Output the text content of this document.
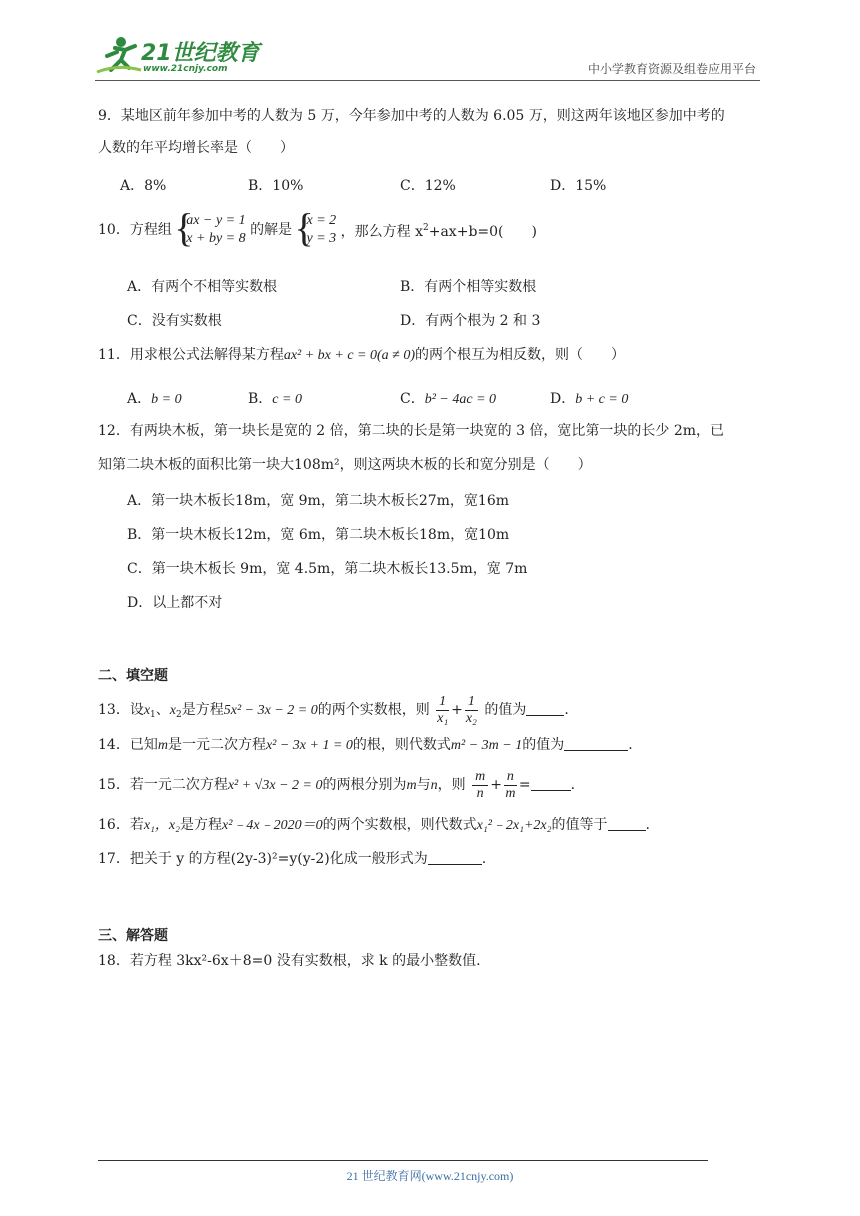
21世纪教育
www.21cnjy.com	中小学教育资源及组卷应用平台
9．某地区前年参加中考的人数为 5 万，今年参加中考的人数为 6.05 万，则这两年该地区参加中考的
人数的年平均增长率是（　　）
A．8%	B．10%	C．12%	D．15%
10．方程组
{ ax − y = 1
x + by = 8
的解是
{ x = 2
y = 3 ，那么方程 $x^2+ax+b=0$(　　)
A．有两个不相等实数根	B．有两个相等实数根
C．没有实数根	D．有两个根为 2 和 3
11．用求根公式法解得某方程ax² + bx + c = 0(a ≠ 0)的两个根互为相反数，则（　　）
A．b = 0	B．c = 0	C．b² − 4ac = 0	D．b + c = 0
12．有两块木板，第一块长是宽的 2 倍，第二块的长是第一块宽的 3 倍，宽比第一块的长少 2m，已
知第二块木板的面积比第一块大108m²，则这两块木板的长和宽分别是（　　）
A．第一块木板长18m，宽 9m，第二块木板长27m，宽16m
B．第一块木板长12m，宽 6m，第二块木板长18m，宽10m
C．第一块木板长 9m，宽 4.5m，第二块木板长13.5m，宽 7m
D．以上都不对
二、填空题
13．设$x_1$、$x_2$是方程5x² − 3x − 2 = 0的两个实数根，则 $\frac{1}{\text{x₁}} + \frac{1}{\text{x₂}}$ 的值为	.
14．已知m是一元二次方程x² − 3x + 1 = 0的根，则代数式m² − 3m − 1的值为	.
15．若一元二次方程x² + √3x − 2 = 0的两根分别为m与n，则 $\frac{m}{n} + \frac{n}{m}$ =	.
16．若x₁，x₂是方程x²﹣4x﹣2020＝0的两个实数根，则代数式x₁²﹣2x₁+2x₂的值等于	.
17．把关于 y 的方程(2y-3)²=y(y-2)化成一般形式为	.
三、解答题
18．若方程 3kx²-6x＋8=0 没有实数根，求 k 的最小整数值.
21 世纪教育网(www.21cnjy.com)
